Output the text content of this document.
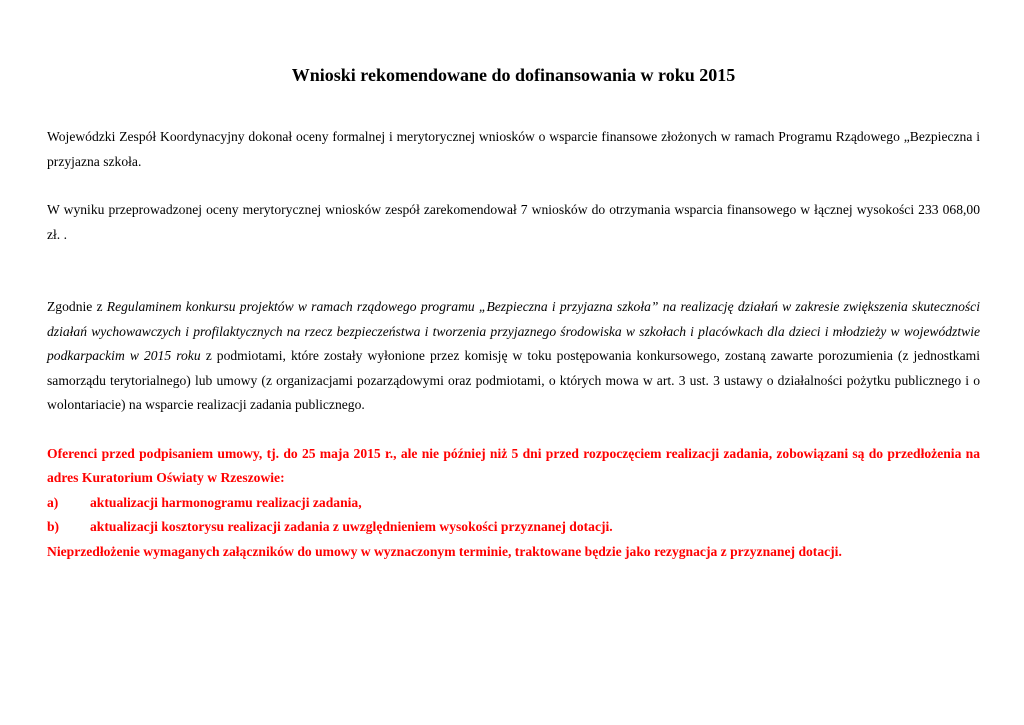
Wnioski rekomendowane do dofinansowania w roku 2015

Wojewódzki Zespół Koordynacyjny dokonał oceny formalnej i merytorycznej wniosków o wsparcie finansowe złożonych w ramach Programu Rządowego „Bezpieczna i przyjazna szkoła.

W wyniku przeprowadzonej oceny merytorycznej wniosków zespół zarekomendował 7 wniosków do otrzymania wsparcia finansowego w łącznej wysokości 233 068,00 zł. .

Zgodnie z Regulaminem konkursu projektów w ramach rządowego programu „Bezpieczna i przyjazna szkoła” na realizację działań w zakresie zwiększenia skuteczności działań wychowawczych i profilaktycznych na rzecz bezpieczeństwa i tworzenia przyjaznego środowiska w szkołach i placówkach dla dzieci i młodzieży w województwie podkarpackim w 2015 roku z podmiotami, które zostały wyłonione przez komisję w toku postępowania konkursowego, zostaną zawarte porozumienia (z jednostkami samorządu terytorialnego) lub umowy (z organizacjami pozarządowymi oraz podmiotami, o których mowa w art. 3 ust. 3 ustawy o działalności pożytku publicznego i o wolontariacie) na wsparcie realizacji zadania publicznego.

Oferenci przed podpisaniem umowy, tj. do 25 maja 2015 r., ale nie później niż 5 dni przed rozpoczęciem realizacji zadania, zobowiązani są do przedłożenia na adres Kuratorium Oświaty w Rzeszowie:

a)	aktualizacji harmonogramu realizacji zadania,
b)	aktualizacji kosztorysu realizacji zadania z uwzględnieniem wysokości przyznanej dotacji.

Nieprzedłożenie wymaganych załączników do umowy w wyznaczonym terminie, traktowane będzie jako rezygnacja z przyznanej dotacji.
